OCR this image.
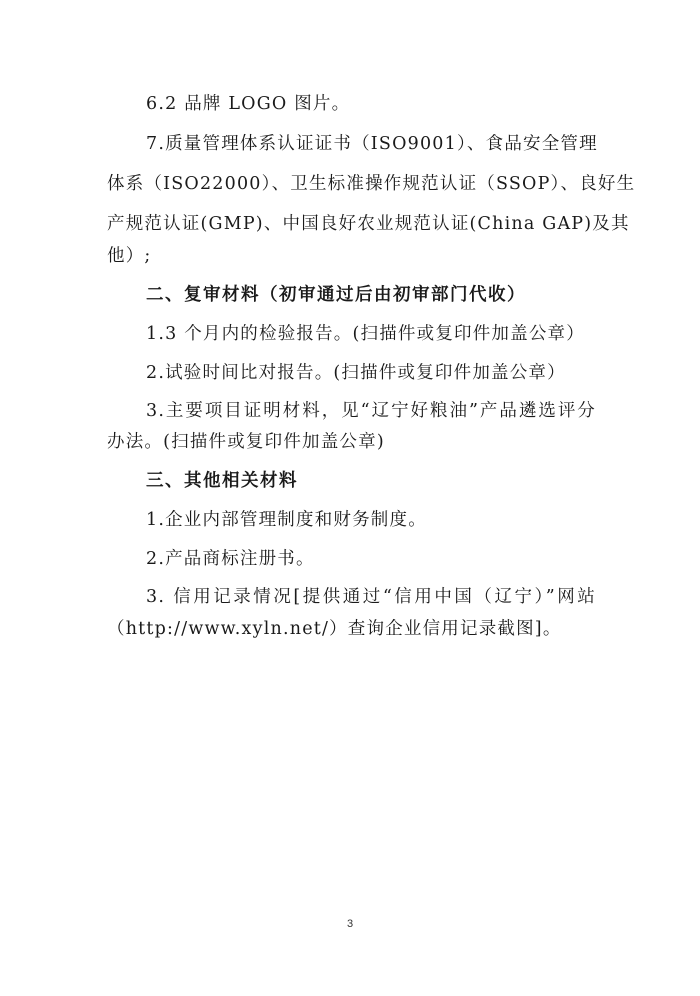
6.2 品牌 LOGO 图片。
7.质量管理体系认证证书（ISO9001）、食品安全管理
体系（ISO22000）、卫生标准操作规范认证（SSOP）、良好生
产规范认证(GMP)、中国良好农业规范认证(China GAP)及其
他）;
二、复审材料（初审通过后由初审部门代收）
1.3 个月内的检验报告。(扫描件或复印件加盖公章）
2.试验时间比对报告。(扫描件或复印件加盖公章）
3.主要项目证明材料，见“辽宁好粮油”产品遴选评分
办法。(扫描件或复印件加盖公章)
三、其他相关材料
1.企业内部管理制度和财务制度。
2.产品商标注册书。
3. 信用记录情况[提供通过“信用中国（辽宁）”网站
（http://www.xyln.net/）查询企业信用记录截图]。
3
